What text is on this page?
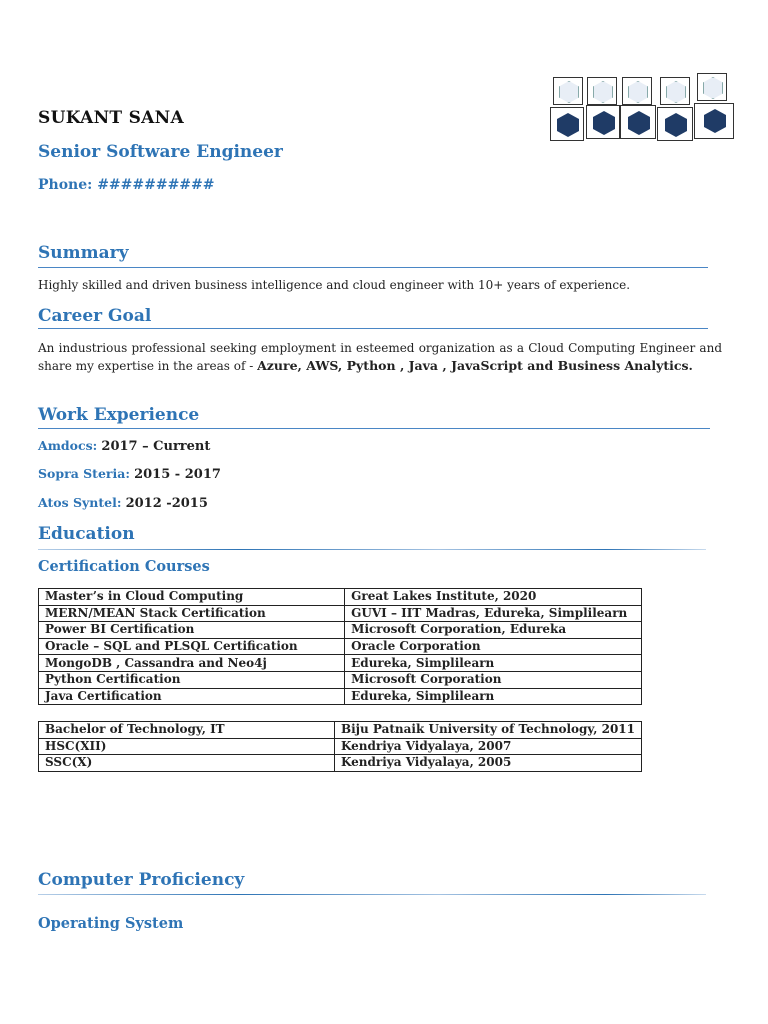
SUKANT SANA
Senior Software Engineer
Phone: ##########
Summary
Highly skilled and driven business intelligence and cloud engineer with 10+ years of experience.
Career Goal
An industrious professional seeking employment in esteemed organization as a Cloud Computing Engineer and share my expertise in the areas of - Azure, AWS, Python , Java , JavaScript and Business Analytics.
Work Experience
Amdocs: 2017 – Current
Sopra Steria: 2015 - 2017
Atos Syntel: 2012 -2015
Education
Certification Courses
Master’s in Cloud Computing	Great Lakes Institute, 2020
MERN/MEAN Stack Certification	GUVI – IIT Madras, Edureka, Simplilearn
Power BI Certification	Microsoft Corporation, Edureka
Oracle – SQL and PLSQL Certification	Oracle Corporation
MongoDB , Cassandra and Neo4j	Edureka, Simplilearn
Python Certification	Microsoft Corporation
Java Certification	Edureka, Simplilearn
Bachelor of Technology, IT	Biju Patnaik University of Technology, 2011
HSC(XII)	Kendriya Vidyalaya, 2007
SSC(X)	Kendriya Vidyalaya, 2005
Computer Proficiency
Operating System
